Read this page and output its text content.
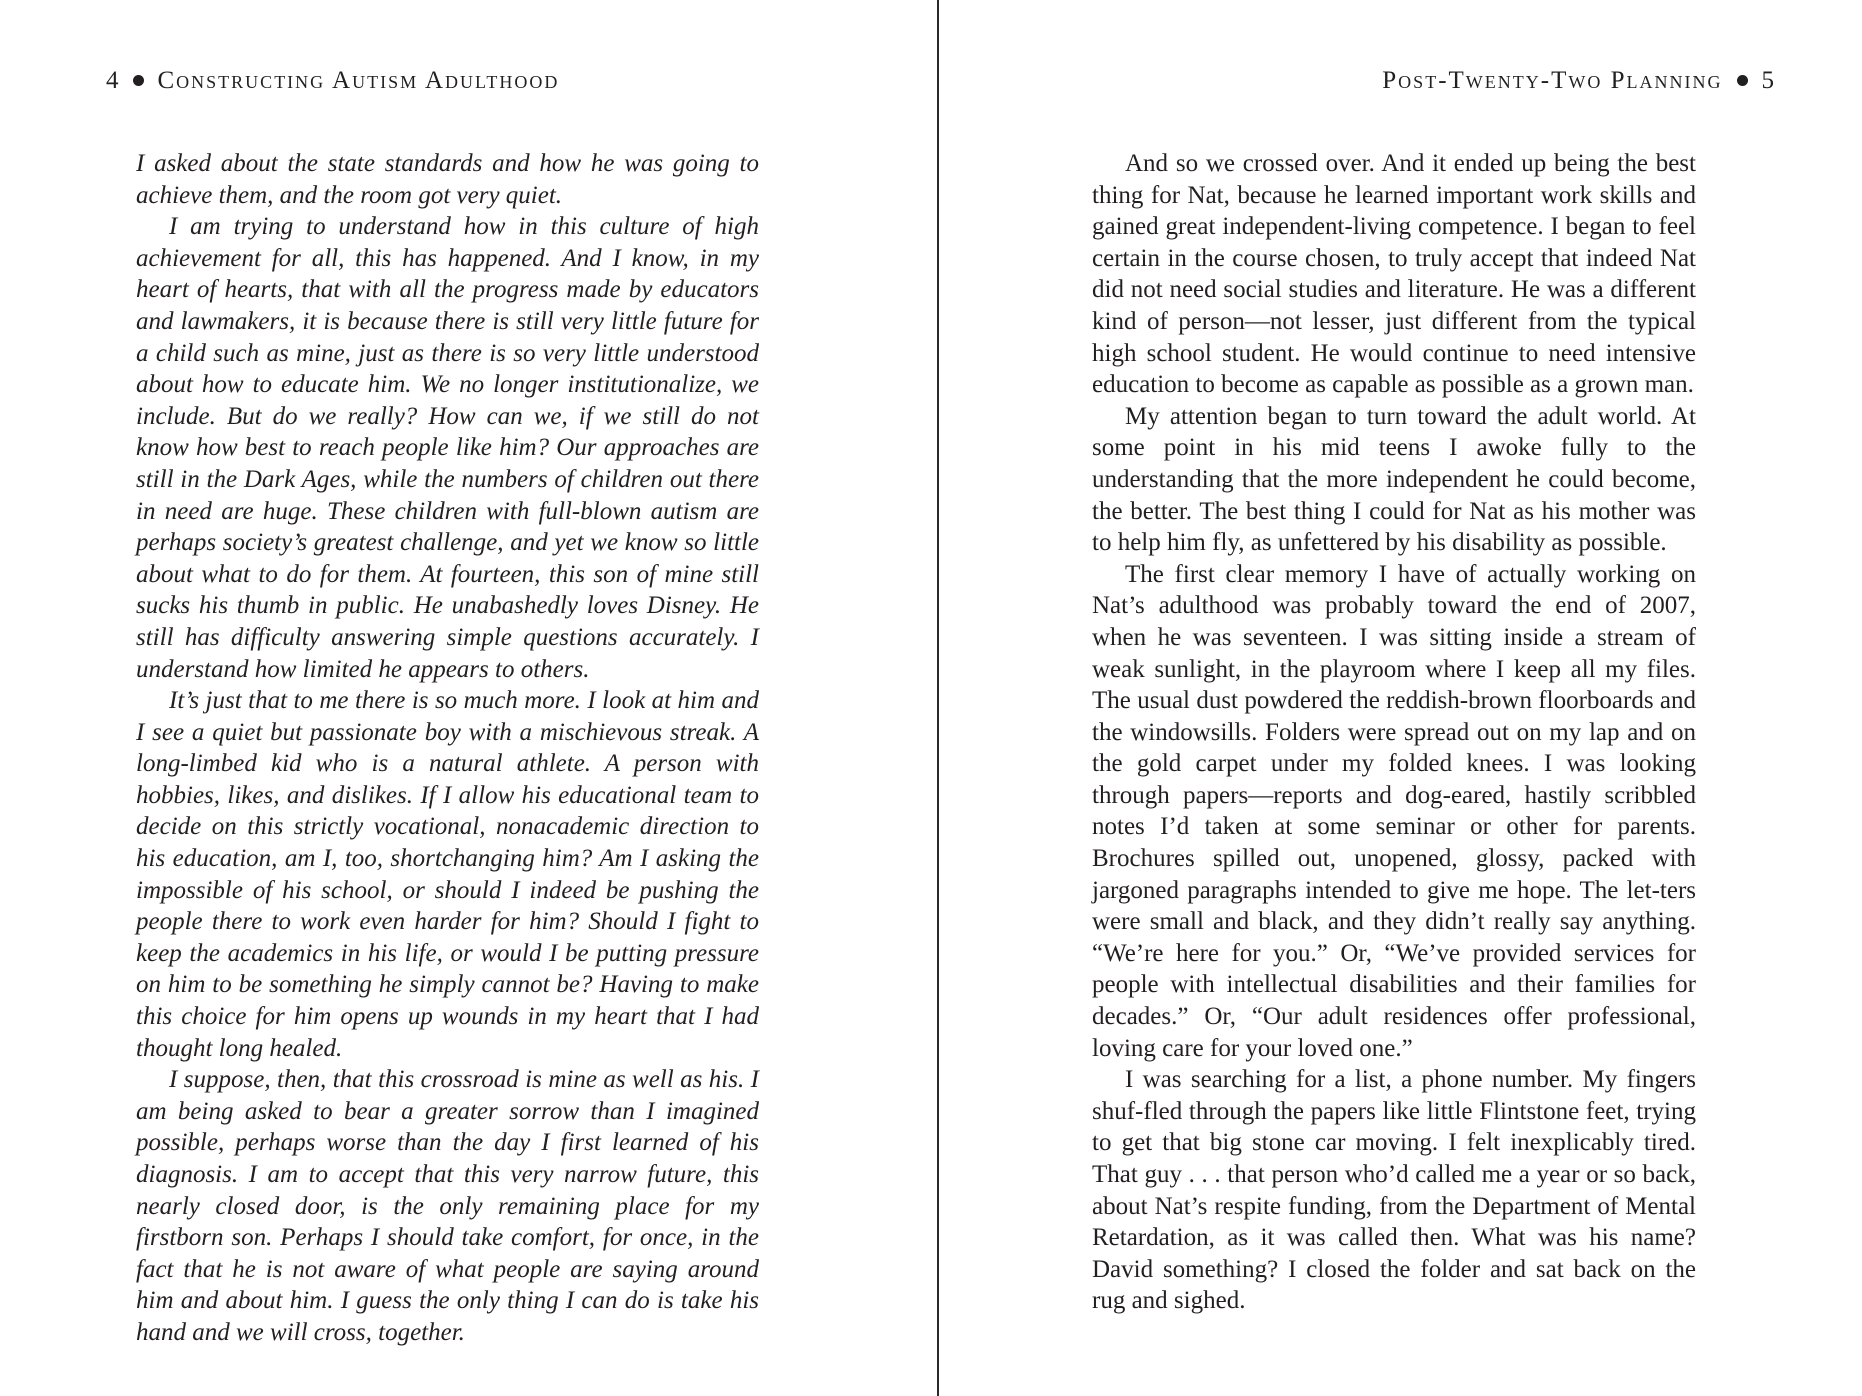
4 Constructing Autism Adulthood

I asked about the state standards and how he was going to achieve them, and the room got very quiet.

I am trying to understand how in this culture of high achievement for all, this has happened. And I know, in my heart of hearts, that with all the progress made by educators and lawmakers, it is because there is still very little future for a child such as mine, just as there is so very little understood about how to educate him. We no longer institutionalize, we include. But do we really? How can we, if we still do not know how best to reach people like him? Our approaches are still in the Dark Ages, while the numbers of children out there in need are huge. These children with full-blown autism are perhaps society’s greatest challenge, and yet we know so little about what to do for them. At fourteen, this son of mine still sucks his thumb in public. He unabashedly loves Disney. He still has difficulty answering simple questions accurately. I understand how limited he appears to others.

It’s just that to me there is so much more. I look at him and I see a quiet but passionate boy with a mischievous streak. A long-limbed kid who is a natural athlete. A person with hobbies, likes, and dislikes. If I allow his educational team to decide on this strictly vocational, nonacademic direction to his education, am I, too, shortchanging him? Am I asking the impossible of his school, or should I indeed be pushing the people there to work even harder for him? Should I fight to keep the academics in his life, or would I be putting pressure on him to be something he simply cannot be? Having to make this choice for him opens up wounds in my heart that I had thought long healed.

I suppose, then, that this crossroad is mine as well as his. I am being asked to bear a greater sorrow than I imagined possible, perhaps worse than the day I first learned of his diagnosis. I am to accept that this very narrow future, this nearly closed door, is the only remaining place for my firstborn son. Perhaps I should take comfort, for once, in the fact that he is not aware of what people are saying around him and about him. I guess the only thing I can do is take his hand and we will cross, together.

Post-Twenty-Two Planning 5

And so we crossed over. And it ended up being the best thing for Nat, because he learned important work skills and gained great independent-living competence. I began to feel certain in the course chosen, to truly accept that indeed Nat did not need social studies and literature. He was a different kind of person—not lesser, just different from the typical high school student. He would continue to need intensive education to become as capable as possible as a grown man.

My attention began to turn toward the adult world. At some point in his mid teens I awoke fully to the understanding that the more independent he could become, the better. The best thing I could for Nat as his mother was to help him fly, as unfettered by his disability as possible.

The first clear memory I have of actually working on Nat’s adulthood was probably toward the end of 2007, when he was seventeen. I was sitting inside a stream of weak sunlight, in the playroom where I keep all my files. The usual dust powdered the reddish-brown floorboards and the windowsills. Folders were spread out on my lap and on the gold carpet under my folded knees. I was looking through papers—reports and dog-eared, hastily scribbled notes I’d taken at some seminar or other for parents. Brochures spilled out, unopened, glossy, packed with jargoned paragraphs intended to give me hope. The let-ters were small and black, and they didn’t really say anything. “We’re here for you.” Or, “We’ve provided services for people with intellectual disabilities and their families for decades.” Or, “Our adult residences offer professional, loving care for your loved one.”

I was searching for a list, a phone number. My fingers shuf-fled through the papers like little Flintstone feet, trying to get that big stone car moving. I felt inexplicably tired. That guy . . . that person who’d called me a year or so back, about Nat’s respite funding, from the Department of Mental Retardation, as it was called then. What was his name? David something? I closed the folder and sat back on the rug and sighed.
